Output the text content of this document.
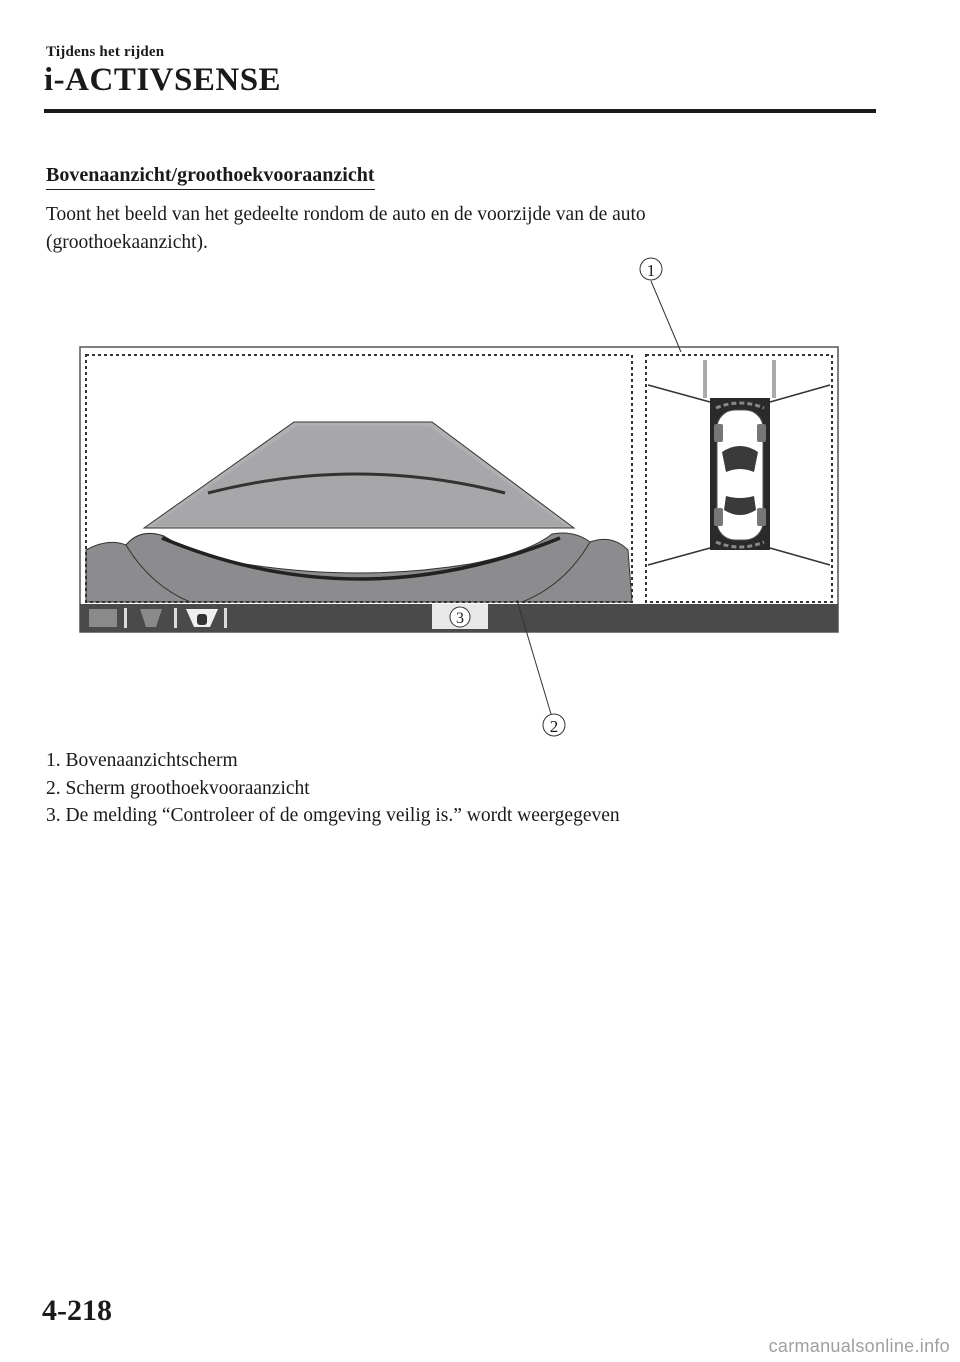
Tijdens het rijden
i-ACTIVSENSE
Bovenaanzicht/groothoekvooraanzicht
Toont het beeld van het gedeelte rondom de auto en de voorzijde van de auto (groothoekaanzicht).
1
2
3
1. Bovenaanzichtscherm
2. Scherm groothoekvooraanzicht
3. De melding “Controleer of de omgeving veilig is.” wordt weergegeven
4-218
carmanualsonline.info
